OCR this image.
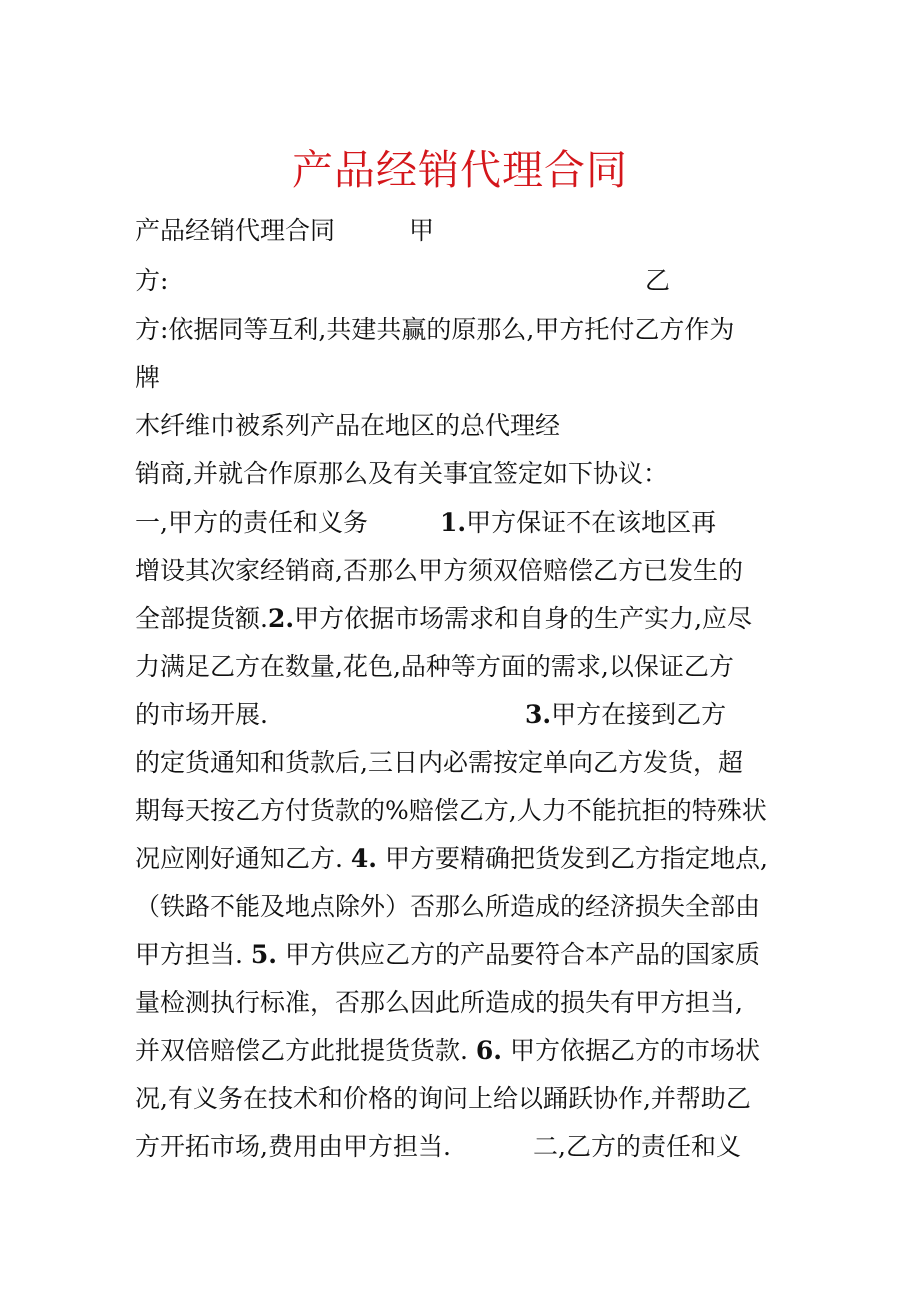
产品经销代理合同
产品经销代理合同	甲
方:	乙
方:依据同等互利,共建共赢的原那么,甲方托付乙方作为
牌
木纤维巾被系列产品在地区的总代理经
销商,并就合作原那么及有关事宜签定如下协议：
一,甲方的责任和义务	1.甲方保证不在该地区再
增设其次家经销商,否那么甲方须双倍赔偿乙方已发生的
全部提货额.2.甲方依据市场需求和自身的生产实力,应尽
力满足乙方在数量,花色,品种等方面的需求,以保证乙方
的市场开展.	3.甲方在接到乙方
的定货通知和货款后,三日内必需按定单向乙方发货，超
期每天按乙方付货款的%赔偿乙方,人力不能抗拒的特殊状
况应刚好通知乙方. 4. 甲方要精确把货发到乙方指定地点,
（铁路不能及地点除外）否那么所造成的经济损失全部由
甲方担当. 5. 甲方供应乙方的产品要符合本产品的国家质
量检测执行标准，否那么因此所造成的损失有甲方担当,
并双倍赔偿乙方此批提货货款. 6. 甲方依据乙方的市场状
况,有义务在技术和价格的询问上给以踊跃协作,并帮助乙
方开拓市场,费用由甲方担当.	二,乙方的责任和义
